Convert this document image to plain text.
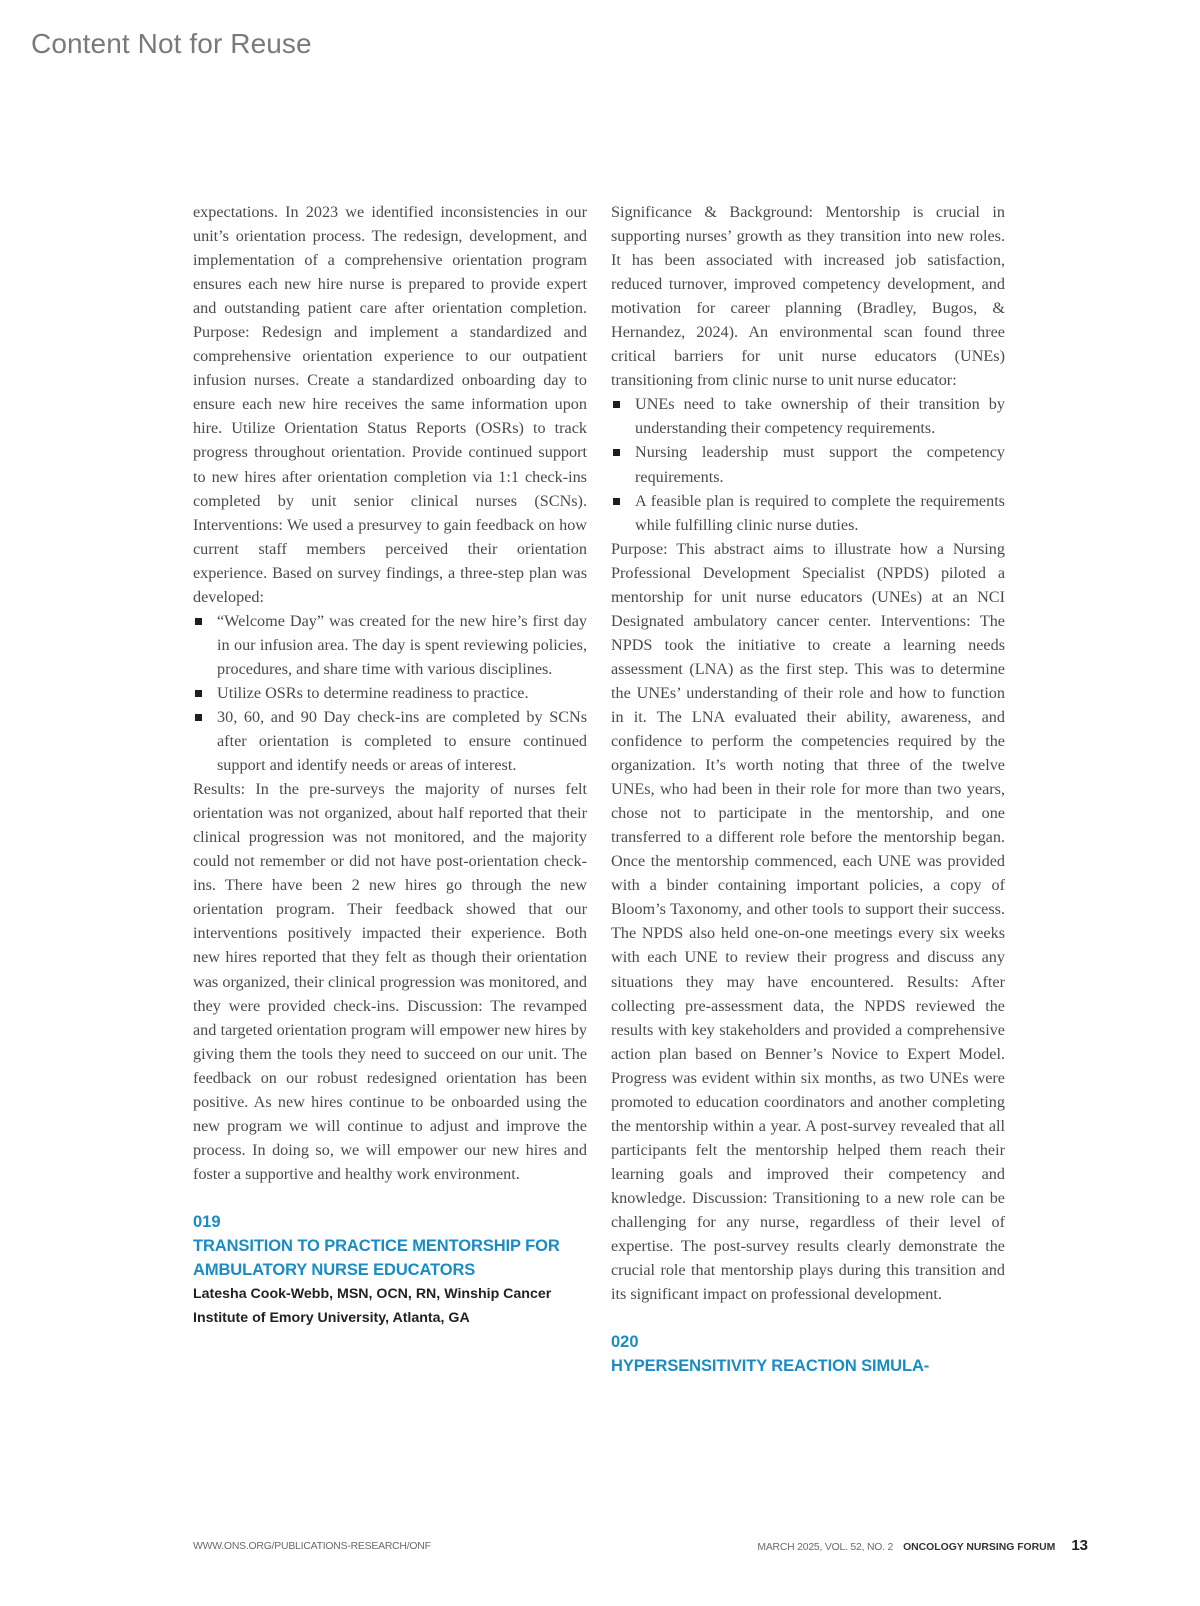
Content Not for Reuse

expectations. In 2023 we identified inconsistencies in our unit’s orientation process. The redesign, development, and implementation of a comprehensive orientation program ensures each new hire nurse is prepared to provide expert and outstanding patient care after orientation completion. Purpose: Redesign and implement a standardized and comprehensive orientation experience to our outpatient infusion nurses. Create a standardized onboarding day to ensure each new hire receives the same information upon hire. Utilize Orientation Status Reports (OSRs) to track progress throughout orientation. Provide continued support to new hires after orientation completion via 1:1 check-ins completed by unit senior clinical nurses (SCNs). Interventions: We used a presurvey to gain feedback on how current staff members perceived their orientation experience. Based on survey findings, a three-step plan was developed:

“Welcome Day” was created for the new hire’s first day in our infusion area. The day is spent reviewing policies, procedures, and share time with various disciplines.
Utilize OSRs to determine readiness to practice.
30, 60, and 90 Day check-ins are completed by SCNs after orientation is completed to ensure continued support and identify needs or areas of interest.

Results: In the pre-surveys the majority of nurses felt orientation was not organized, about half reported that their clinical progression was not monitored, and the majority could not remember or did not have post-orientation check-ins. There have been 2 new hires go through the new orientation program. Their feedback showed that our interventions positively impacted their experience. Both new hires reported that they felt as though their orientation was organized, their clinical progression was monitored, and they were provided check-ins. Discussion: The revamped and targeted orientation program will empower new hires by giving them the tools they need to succeed on our unit. The feedback on our robust redesigned orientation has been positive. As new hires continue to be onboarded using the new program we will continue to adjust and improve the process. In doing so, we will empower our new hires and foster a supportive and healthy work environment.

019
TRANSITION TO PRACTICE MENTORSHIP FOR AMBULATORY NURSE EDUCATORS
Latesha Cook-Webb, MSN, OCN, RN, Winship Cancer Institute of Emory University, Atlanta, GA

Significance & Background: Mentorship is crucial in supporting nurses’ growth as they transition into new roles. It has been associated with increased job satisfaction, reduced turnover, improved competency development, and motivation for career planning (Bradley, Bugos, & Hernandez, 2024). An environmental scan found three critical barriers for unit nurse educators (UNEs) transitioning from clinic nurse to unit nurse educator:

UNEs need to take ownership of their transition by understanding their competency requirements.
Nursing leadership must support the competency requirements.
A feasible plan is required to complete the requirements while fulfilling clinic nurse duties.

Purpose: This abstract aims to illustrate how a Nursing Professional Development Specialist (NPDS) piloted a mentorship for unit nurse educators (UNEs) at an NCI Designated ambulatory cancer center. Interventions: The NPDS took the initiative to create a learning needs assessment (LNA) as the first step. This was to determine the UNEs’ understanding of their role and how to function in it. The LNA evaluated their ability, awareness, and confidence to perform the competencies required by the organization. It’s worth noting that three of the twelve UNEs, who had been in their role for more than two years, chose not to participate in the mentorship, and one transferred to a different role before the mentorship began. Once the mentorship commenced, each UNE was provided with a binder containing important policies, a copy of Bloom’s Taxonomy, and other tools to support their success. The NPDS also held one-on-one meetings every six weeks with each UNE to review their progress and discuss any situations they may have encountered. Results: After collecting pre-assessment data, the NPDS reviewed the results with key stakeholders and provided a comprehensive action plan based on Benner’s Novice to Expert Model. Progress was evident within six months, as two UNEs were promoted to education coordinators and another completing the mentorship within a year. A post-survey revealed that all participants felt the mentorship helped them reach their learning goals and improved their competency and knowledge. Discussion: Transitioning to a new role can be challenging for any nurse, regardless of their level of expertise. The post-survey results clearly demonstrate the crucial role that mentorship plays during this transition and its significant impact on professional development.

020
HYPERSENSITIVITY REACTION SIMULA-
WWW.ONS.ORG/PUBLICATIONS-RESEARCH/ONF	MARCH 2025, VOL. 52, NO. 2 ONCOLOGY NURSING FORUM 13
